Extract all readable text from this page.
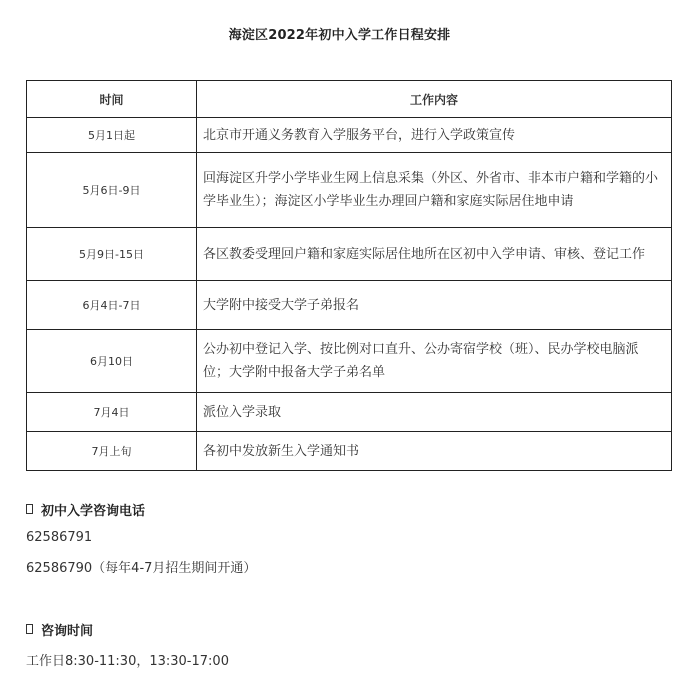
海淀区2022年初中入学工作日程安排
时间	工作内容
5月1日起	北京市开通义务教育入学服务平台，进行入学政策宣传
5月6日-9日	回海淀区升学小学毕业生网上信息采集（外区、外省市、非本市户籍和学籍的小学毕业生）；海淀区小学毕业生办理回户籍和家庭实际居住地申请
5月9日-15日	各区教委受理回户籍和家庭实际居住地所在区初中入学申请、审核、登记工作
6月4日-7日	大学附中接受大学子弟报名
6月10日	公办初中登记入学、按比例对口直升、公办寄宿学校（班）、民办学校电脑派位；大学附中报备大学子弟名单
7月4日	派位入学录取
7月上旬	各初中发放新生入学通知书
初中入学咨询电话
62586791
62586790（每年4-7月招生期间开通）
咨询时间
工作日8:30-11:30，13:30-17:00
